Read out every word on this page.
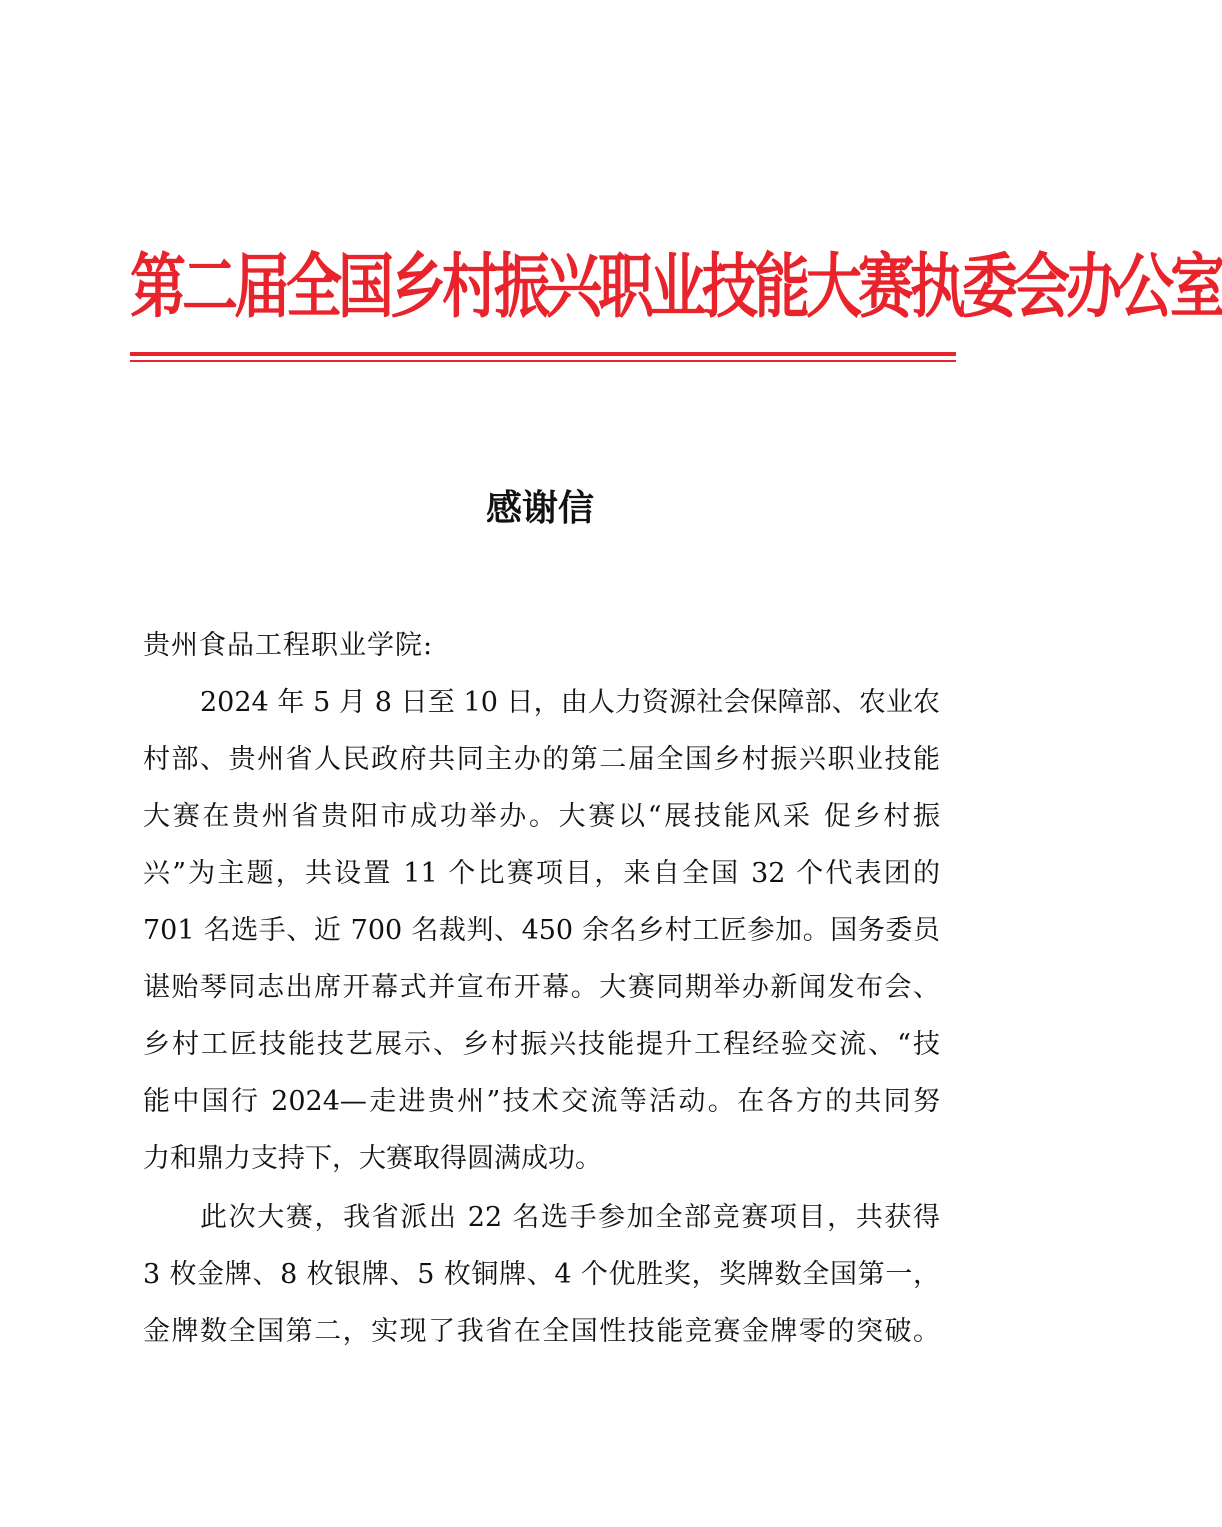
第二届全国乡村振兴职业技能大赛执委会办公室
感谢信
贵州食品工程职业学院:
2024 年 5 月 8 日至 10 日，由人力资源社会保障部、农业农
村部、贵州省人民政府共同主办的第二届全国乡村振兴职业技能
大赛在贵州省贵阳市成功举办。大赛以“展技能风采 促乡村振
兴”为主题，共设置 11 个比赛项目，来自全国 32 个代表团的
701 名选手、近 700 名裁判、450 余名乡村工匠参加。国务委员
谌贻琴同志出席开幕式并宣布开幕。大赛同期举办新闻发布会、
乡村工匠技能技艺展示、乡村振兴技能提升工程经验交流、“技
能中国行 2024—走进贵州”技术交流等活动。在各方的共同努
力和鼎力支持下，大赛取得圆满成功。
此次大赛，我省派出 22 名选手参加全部竞赛项目，共获得
3 枚金牌、8 枚银牌、5 枚铜牌、4 个优胜奖，奖牌数全国第一，
金牌数全国第二，实现了我省在全国性技能竞赛金牌零的突破。
